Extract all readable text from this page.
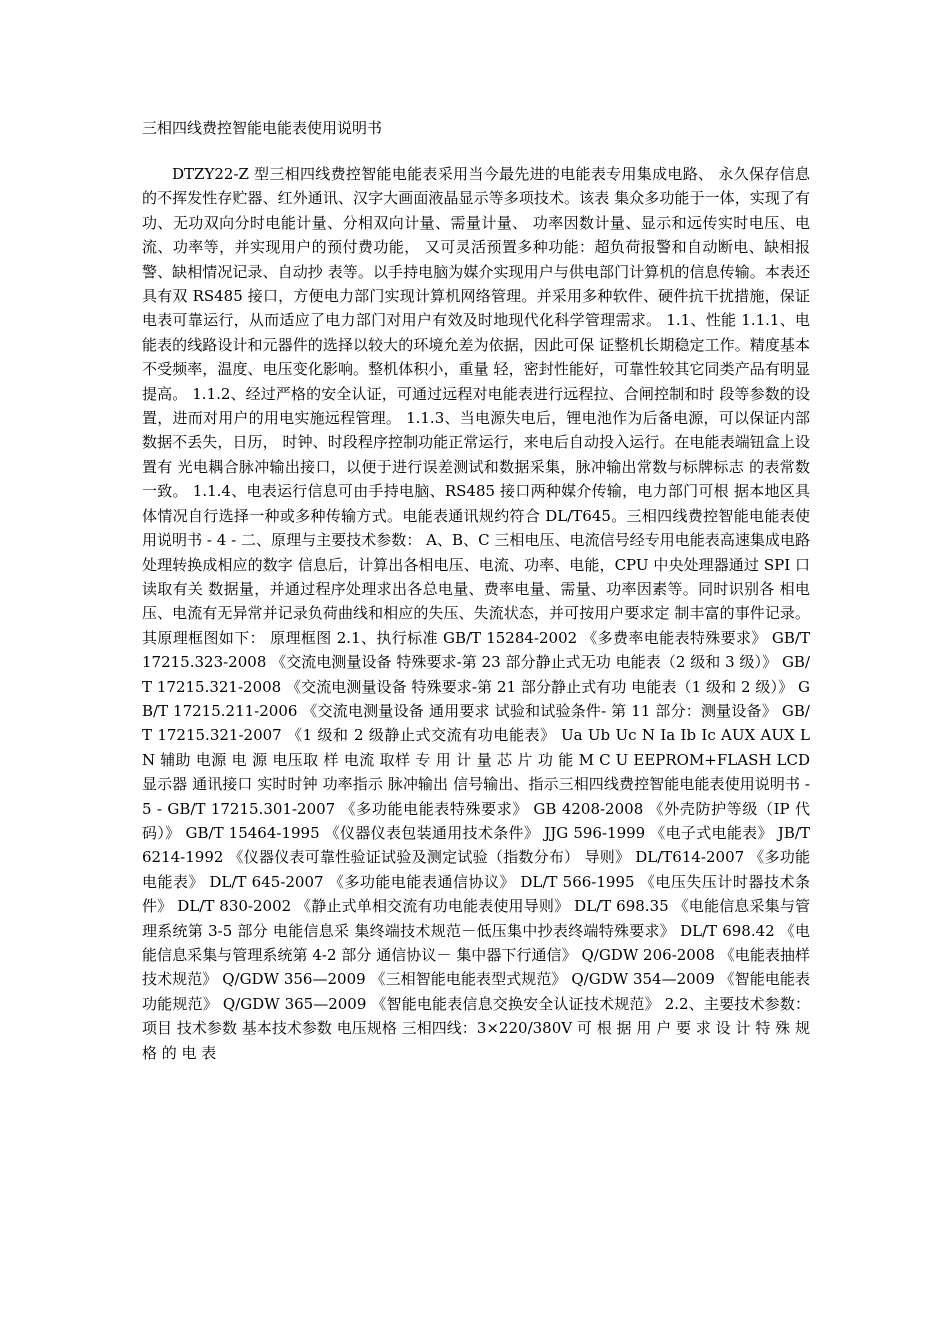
三相四线费控智能电能表使用说明书

DTZY22-Z 型三相四线费控智能电能表采用当今最先进的电能表专用集成电路、 永久保存信息的不挥发性存贮器、红外通讯、汉字大画面液晶显示等多项技术。该表 集众多功能于一体，实现了有功、无功双向分时电能计量、分相双向计量、需量计量、 功率因数计量、显示和远传实时电压、电流、功率等，并实现用户的预付费功能， 又可灵活预置多种功能：超负荷报警和自动断电、缺相报警、缺相情况记录、自动抄 表等。以手持电脑为媒介实现用户与供电部门计算机的信息传输。本表还具有双 RS485 接口，方便电力部门实现计算机网络管理。并采用多种软件、硬件抗干扰措施，保证 电表可靠运行，从而适应了电力部门对用户有效及时地现代化科学管理需求。 1.1、性能 1.1.1、电能表的线路设计和元器件的选择以较大的环境允差为依据，因此可保 证整机长期稳定工作。精度基本不受频率，温度、电压变化影响。整机体积小，重量 轻，密封性能好，可靠性较其它同类产品有明显提高。 1.1.2、经过严格的安全认证，可通过远程对电能表进行远程拉、合闸控制和时 段等参数的设置，进而对用户的用电实施远程管理。 1.1.3、当电源失电后，锂电池作为后备电源，可以保证内部数据不丢失，日历， 时钟、时段程序控制功能正常运行，来电后自动投入运行。在电能表端钮盒上设置有 光电耦合脉冲输出接口，以便于进行误差测试和数据采集，脉冲输出常数与标牌标志 的表常数一致。 1.1.4、电表运行信息可由手持电脑、RS485 接口两种媒介传输，电力部门可根 据本地区具体情况自行选择一种或多种传输方式。电能表通讯规约符合 DL/T645。三相四线费控智能电能表使用说明书 - 4 - 二、原理与主要技术参数： A、B、C 三相电压、电流信号经专用电能表高速集成电路处理转换成相应的数字 信息后，计算出各相电压、电流、功率、电能，CPU 中央处理器通过 SPI 口读取有关 数据量，并通过程序处理求出各总电量、费率电量、需量、功率因素等。同时识别各 相电压、电流有无异常并记录负荷曲线和相应的失压、失流状态，并可按用户要求定 制丰富的事件记录。其原理框图如下： 原理框图 2.1、执行标准 GB/T 15284-2002 《多费率电能表特殊要求》 GB/T 17215.323-2008 《交流电测量设备 特殊要求-第 23 部分静止式无功 电能表（2 级和 3 级）》 GB/T 17215.321-2008 《交流电测量设备 特殊要求-第 21 部分静止式有功 电能表（1 级和 2 级）》 GB/T 17215.211-2006 《交流电测量设备 通用要求 试验和试验条件- 第 11 部分：测量设备》 GB/T 17215.321-2007 《1 级和 2 级静止式交流有功电能表》 Ua Ub Uc N Ia Ib Ic AUX AUX L N 辅助 电源 电 源 电压取 样 电流 取样 专 用 计 量 芯 片 功 能 M C U EEPROM+FLASH LCD 显示器 通讯接口 实时时钟 功率指示 脉冲输出 信号输出、指示三相四线费控智能电能表使用说明书 - 5 - GB/T 17215.301-2007 《多功能电能表特殊要求》 GB 4208-2008 《外壳防护等级（IP 代码）》 GB/T 15464-1995 《仪器仪表包装通用技术条件》 JJG 596-1999 《电子式电能表》 JB/T 6214-1992 《仪器仪表可靠性验证试验及测定试验（指数分布） 导则》 DL/T614-2007 《多功能电能表》 DL/T 645-2007 《多功能电能表通信协议》 DL/T 566-1995 《电压失压计时器技术条件》 DL/T 830-2002 《静止式单相交流有功电能表使用导则》 DL/T 698.35 《电能信息采集与管理系统第 3-5 部分 电能信息采 集终端技术规范－低压集中抄表终端特殊要求》 DL/T 698.42 《电能信息采集与管理系统第 4-2 部分 通信协议－ 集中器下行通信》 Q/GDW 206-2008 《电能表抽样技术规范》 Q/GDW 356—2009 《三相智能电能表型式规范》 Q/GDW 354—2009 《智能电能表功能规范》 Q/GDW 365—2009 《智能电能表信息交换安全认证技术规范》 2.2、主要技术参数： 项目 技术参数 基本技术参数 电压规格 三相四线：3×220/380V 可 根 据 用 户 要 求 设 计 特 殊 规 格 的 电 表
